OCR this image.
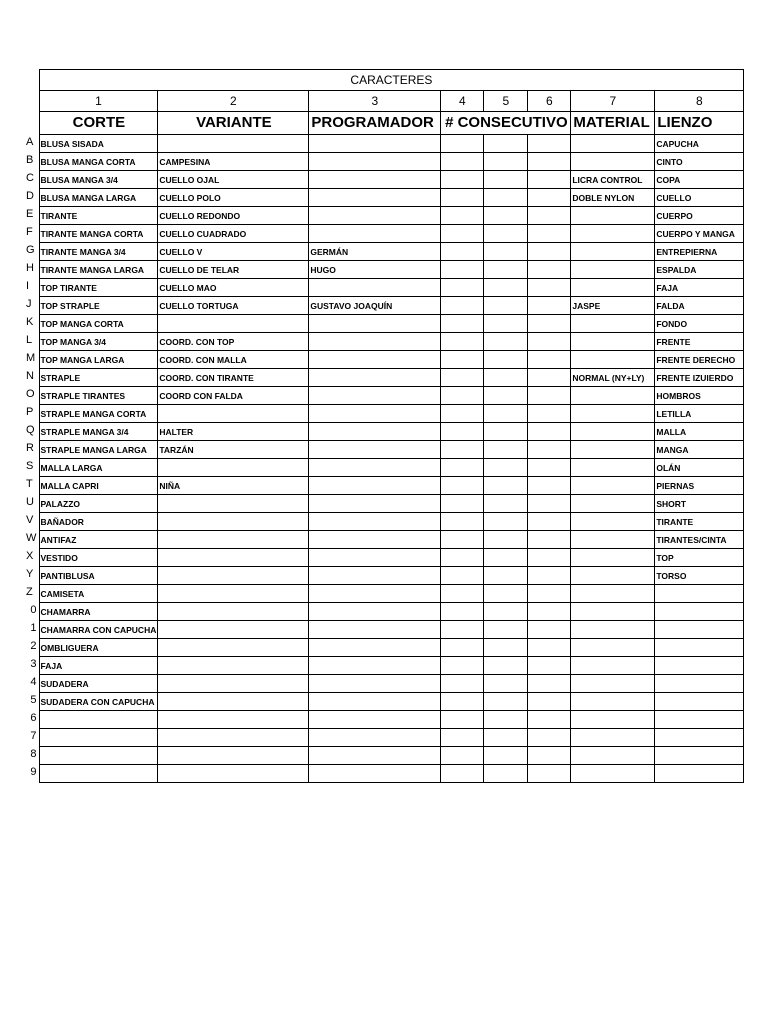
	CARACTERES							
	1	2	3	4	5	6	7	8
	CORTE	VARIANTE	PROGRAMADOR	# CONSECUTIVO			MATERIAL	LIENZO
A	BLUSA SISADA							CAPUCHA
B	BLUSA MANGA CORTA	CAMPESINA						CINTO
C	BLUSA MANGA 3/4	CUELLO OJAL					LICRA CONTROL	COPA
D	BLUSA MANGA LARGA	CUELLO POLO					DOBLE NYLON	CUELLO
E	TIRANTE	CUELLO REDONDO						CUERPO
F	TIRANTE MANGA CORTA	CUELLO CUADRADO						CUERPO Y MANGA
G	TIRANTE MANGA 3/4	CUELLO V	GERMÁN					ENTREPIERNA
H	TIRANTE MANGA LARGA	CUELLO DE TELAR	HUGO					ESPALDA
I	TOP TIRANTE	CUELLO MAO						FAJA
J	TOP STRAPLE	CUELLO TORTUGA	GUSTAVO JOAQUÍN				JASPE	FALDA
K	TOP MANGA CORTA							FONDO
L	TOP MANGA 3/4	COORD. CON TOP						FRENTE
M	TOP MANGA LARGA	COORD. CON MALLA						FRENTE DERECHO
N	STRAPLE	COORD. CON TIRANTE					NORMAL (NY+LY)	FRENTE IZUIERDO
O	STRAPLE TIRANTES	COORD CON FALDA						HOMBROS
P	STRAPLE MANGA CORTA							LETILLA
Q	STRAPLE MANGA 3/4	HALTER						MALLA
R	STRAPLE MANGA LARGA	TARZÁN						MANGA
S	MALLA LARGA							OLÁN
T	MALLA CAPRI	NIÑA						PIERNAS
U	PALAZZO							SHORT
V	BAÑADOR							TIRANTE
W	ANTIFAZ							TIRANTES/CINTA
X	VESTIDO							TOP
Y	PANTIBLUSA							TORSO
Z	CAMISETA							
0	CHAMARRA							
1	CHAMARRA CON CAPUCHA							
2	OMBLIGUERA							
3	FAJA							
4	SUDADERA							
5	SUDADERA CON CAPUCHA							
6								
7								
8								
9								
